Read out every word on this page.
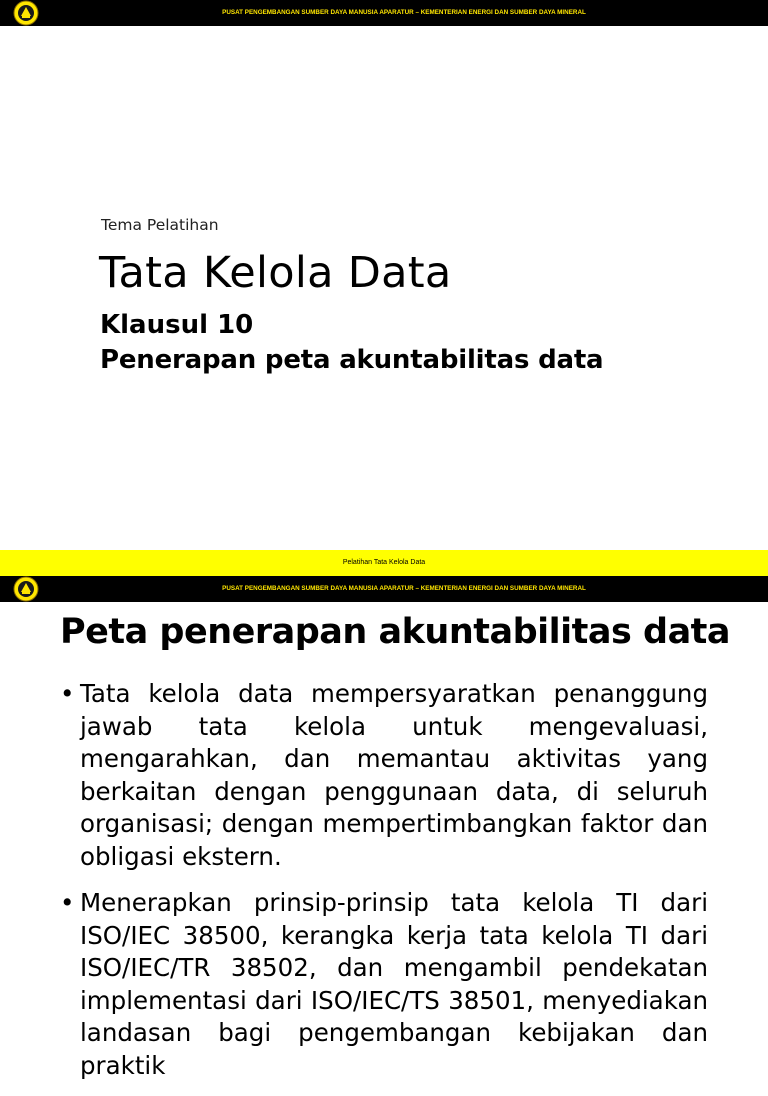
PUSAT PENGEMBANGAN SUMBER DAYA MANUSIA APARATUR – KEMENTERIAN ENERGI DAN SUMBER DAYA MINERAL
Tema Pelatihan
Tata Kelola Data
Klausul 10
Penerapan peta akuntabilitas data
Pelatihan Tata Kelola Data
PUSAT PENGEMBANGAN SUMBER DAYA MANUSIA APARATUR – KEMENTERIAN ENERGI DAN SUMBER DAYA MINERAL
Peta penerapan akuntabilitas data
• Tata kelola data mempersyaratkan penanggung jawab tata kelola untuk mengevaluasi, mengarahkan, dan memantau aktivitas yang berkaitan dengan penggunaan data, di seluruh organisasi; dengan mempertimbangkan faktor dan obligasi ekstern.
• Menerapkan prinsip-prinsip tata kelola TI dari ISO/IEC 38500, kerangka kerja tata kelola TI dari ISO/IEC/TR 38502, dan mengambil pendekatan implementasi dari ISO/IEC/TS 38501, menyediakan landasan bagi pengembangan kebijakan dan praktik
